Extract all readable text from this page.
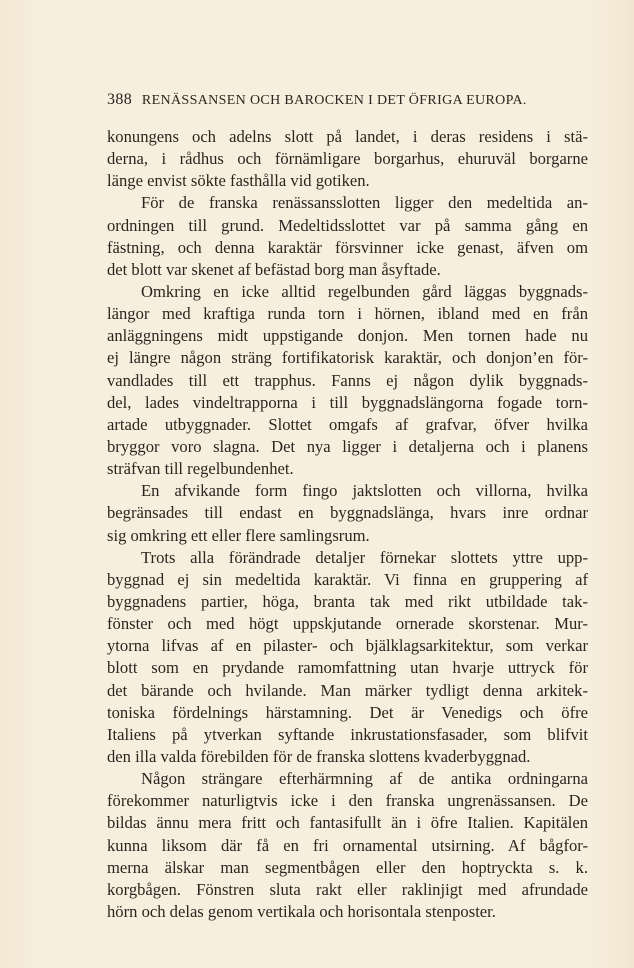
388 RENÄSSANSEN OCH BAROCKEN I DET ÖFRIGA EUROPA.
konungens och adelns slott på landet, i deras residens i stä-
derna, i rådhus och förnämligare borgarhus, ehuruväl borgarne
länge envist sökte fasthålla vid gotiken.
För de franska renässansslotten ligger den medeltida an-
ordningen till grund. Medeltidsslottet var på samma gång en
fästning, och denna karaktär försvinner icke genast, äfven om
det blott var skenet af befästad borg man åsyftade.
Omkring en icke alltid regelbunden gård läggas byggnads-
längor med kraftiga runda torn i hörnen, ibland med en från
anläggningens midt uppstigande donjon. Men tornen hade nu
ej längre någon sträng fortifikatorisk karaktär, och donjon’en för-
vandlades till ett trapphus. Fanns ej någon dylik byggnads-
del, lades vindeltrapporna i till byggnadslängorna fogade torn-
artade utbyggnader. Slottet omgafs af grafvar, öfver hvilka
bryggor voro slagna. Det nya ligger i detaljerna och i planens
sträfvan till regelbundenhet.
En afvikande form fingo jaktslotten och villorna, hvilka
begränsades till endast en byggnadslänga, hvars inre ordnar
sig omkring ett eller flere samlingsrum.
Trots alla förändrade detaljer förnekar slottets yttre upp-
byggnad ej sin medeltida karaktär. Vi finna en gruppering af
byggnadens partier, höga, branta tak med rikt utbildade tak-
fönster och med högt uppskjutande ornerade skorstenar. Mur-
ytorna lifvas af en pilaster- och bjälklagsarkitektur, som verkar
blott som en prydande ramomfattning utan hvarje uttryck för
det bärande och hvilande. Man märker tydligt denna arkitek-
toniska fördelnings härstamning. Det är Venedigs och öfre
Italiens på ytverkan syftande inkrustationsfasader, som blifvit
den illa valda förebilden för de franska slottens kvaderbyggnad.
Någon strängare efterhärmning af de antika ordningarna
förekommer naturligtvis icke i den franska ungrenässansen. De
bildas ännu mera fritt och fantasifullt än i öfre Italien. Kapitälen
kunna liksom där få en fri ornamental utsirning. Af bågfor-
merna älskar man segmentbågen eller den hoptryckta s. k.
korgbågen. Fönstren sluta rakt eller raklinjigt med afrundade
hörn och delas genom vertikala och horisontala stenposter.
